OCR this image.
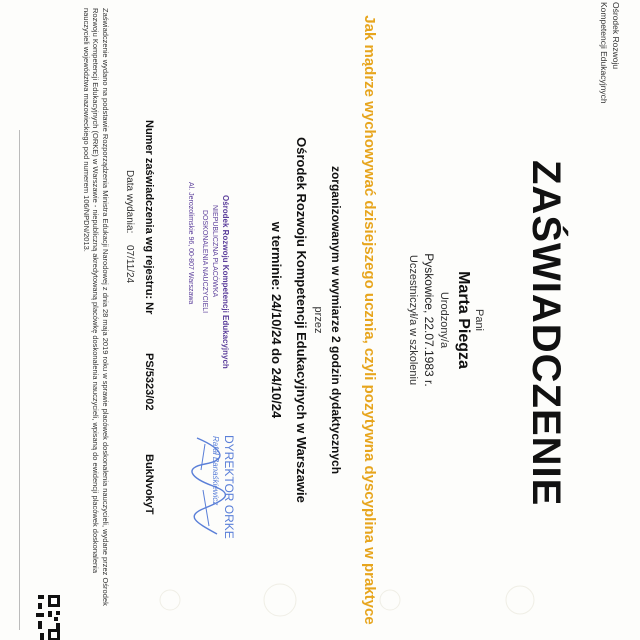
Ośrodek Rozwoju
Kompetencji Edukacyjnych
ZAŚWIADCZENIE
Pani
Marta Piegza
Urodzony/a
Pyskowice, 22.07.1983 r.
Uczestniczył/a w szkoleniu
Jak mądrze wychowywać dzisiejszego ucznia, czyli pozytywna dyscyplina w praktyce
zorganizowanym w wymiarze 2 godzin dydaktycznych
przez
Ośrodek Rozwoju Kompetencji Edukacyjnych w Warszawie
w terminie: 24/10/24 do 24/10/24
Ośrodek Rozwoju Kompetencji Edukacyjnych
NIEPUBLICZNA PLACÓWKA
DOSKONALENIA NAUCZYCIELI
Al. Jerozolimskie 96, 00-807 Warszawa
DYREKTOR ORKE
Rafał Banaśkiewicz
Numer zaświadczenia wg rejestru: Nr
PS/5323/02
BukNvokyT
Data wydania:
07/11/24
Zaświadczenie wydano na podstawie Rozporządzenia Ministra Edukacji Narodowej z dnia 28 maja 2019 roku w sprawie placówek doskonalenia nauczycieli, wydane przez Ośrodek Rozwoju Kompetencji Edukacyjnych (ORKE) w Warszawie - niepubliczną akredytowaną placówkę doskonalenia nauczycieli, wpisaną do ewidencji placówek doskonalenia nauczycieli województwa mazowieckiego pod numerem 106/NPDN/2013.
